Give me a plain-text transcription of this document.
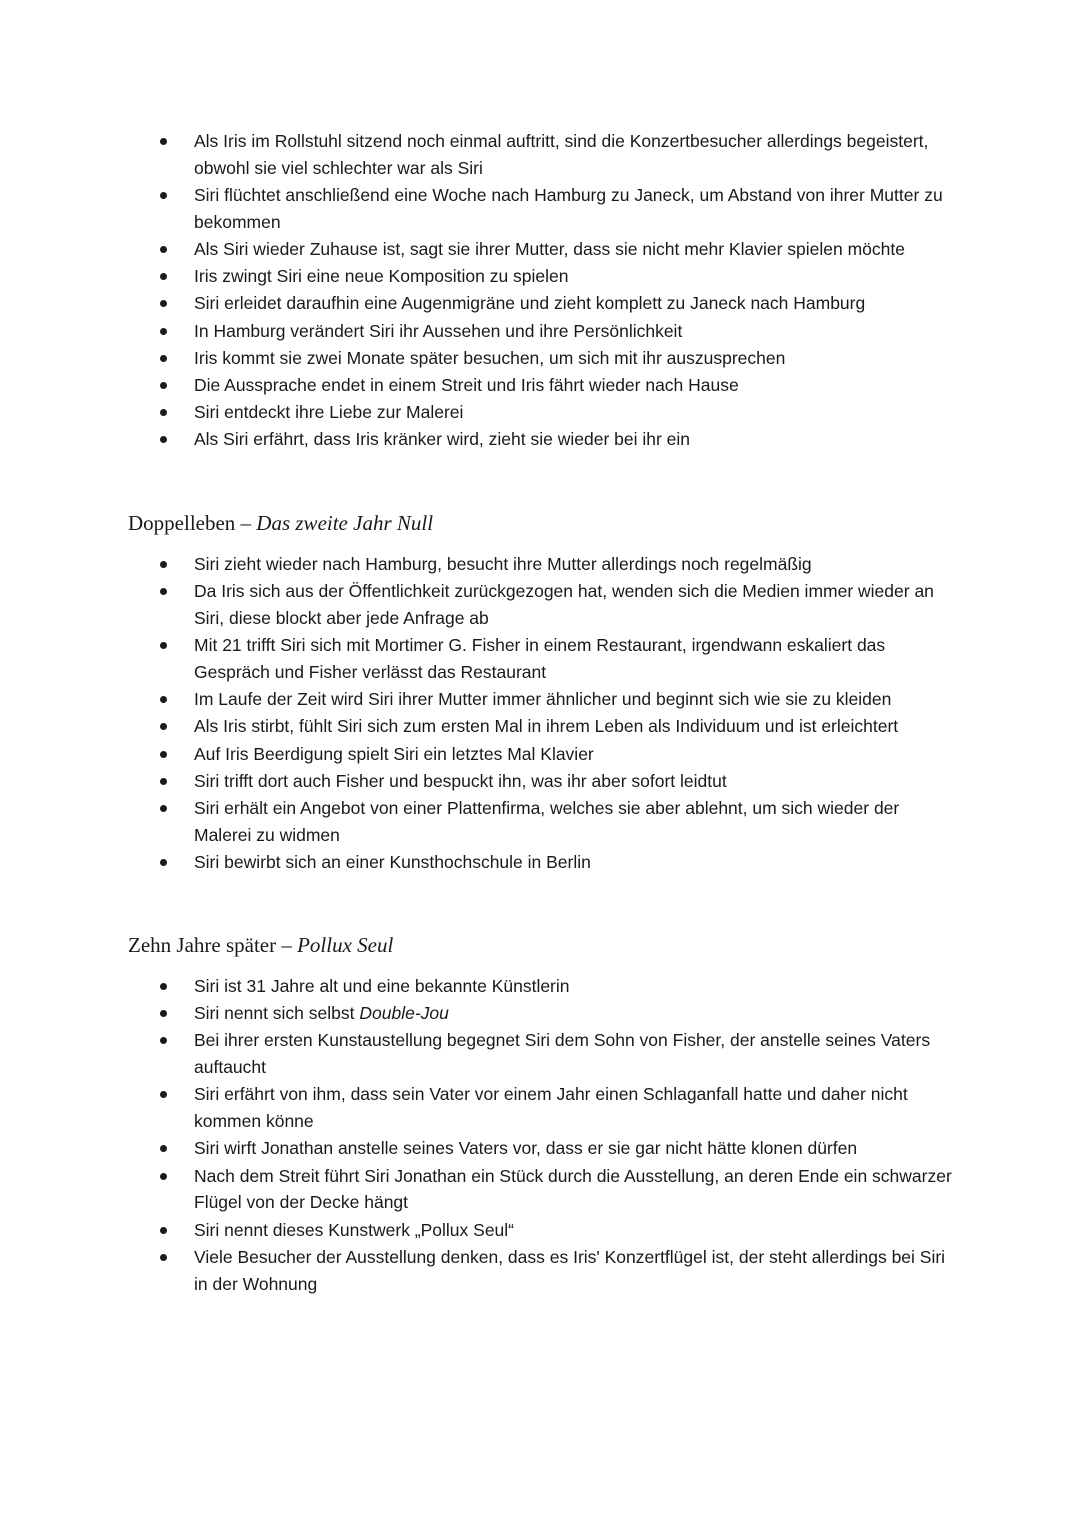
Als Iris im Rollstuhl sitzend noch einmal auftritt, sind die Konzertbesucher allerdings begeistert, obwohl sie viel schlechter war als Siri
Siri flüchtet anschließend eine Woche nach Hamburg zu Janeck, um Abstand von ihrer Mutter zu bekommen
Als Siri wieder Zuhause ist, sagt sie ihrer Mutter, dass sie nicht mehr Klavier spielen möchte
Iris zwingt Siri eine neue Komposition zu spielen
Siri erleidet daraufhin eine Augenmigräne und zieht komplett zu Janeck nach Hamburg
In Hamburg verändert Siri ihr Aussehen und ihre Persönlichkeit
Iris kommt sie zwei Monate später besuchen, um sich mit ihr auszusprechen
Die Aussprache endet in einem Streit und Iris fährt wieder nach Hause
Siri entdeckt ihre Liebe zur Malerei
Als Siri erfährt, dass Iris kränker wird, zieht sie wieder bei ihr ein
Doppelleben – Das zweite Jahr Null
Siri zieht wieder nach Hamburg, besucht ihre Mutter allerdings noch regelmäßig
Da Iris sich aus der Öffentlichkeit zurückgezogen hat, wenden sich die Medien immer wieder an Siri, diese blockt aber jede Anfrage ab
Mit 21 trifft Siri sich mit Mortimer G. Fisher in einem Restaurant, irgendwann eskaliert das Gespräch und Fisher verlässt das Restaurant
Im Laufe der Zeit wird Siri ihrer Mutter immer ähnlicher und beginnt sich wie sie zu kleiden
Als Iris stirbt, fühlt Siri sich zum ersten Mal in ihrem Leben als Individuum und ist erleichtert
Auf Iris Beerdigung spielt Siri ein letztes Mal Klavier
Siri trifft dort auch Fisher und bespuckt ihn, was ihr aber sofort leidtut
Siri erhält ein Angebot von einer Plattenfirma, welches sie aber ablehnt, um sich wieder der Malerei zu widmen
Siri bewirbt sich an einer Kunsthochschule in Berlin
Zehn Jahre später – Pollux Seul
Siri ist 31 Jahre alt und eine bekannte Künstlerin
Siri nennt sich selbst Double-Jou
Bei ihrer ersten Kunstaustellung begegnet Siri dem Sohn von Fisher, der anstelle seines Vaters auftaucht
Siri erfährt von ihm, dass sein Vater vor einem Jahr einen Schlaganfall hatte und daher nicht kommen könne
Siri wirft Jonathan anstelle seines Vaters vor, dass er sie gar nicht hätte klonen dürfen
Nach dem Streit führt Siri Jonathan ein Stück durch die Ausstellung, an deren Ende ein schwarzer Flügel von der Decke hängt
Siri nennt dieses Kunstwerk „Pollux Seul“
Viele Besucher der Ausstellung denken, dass es Iris' Konzertflügel ist, der steht allerdings bei Siri in der Wohnung
